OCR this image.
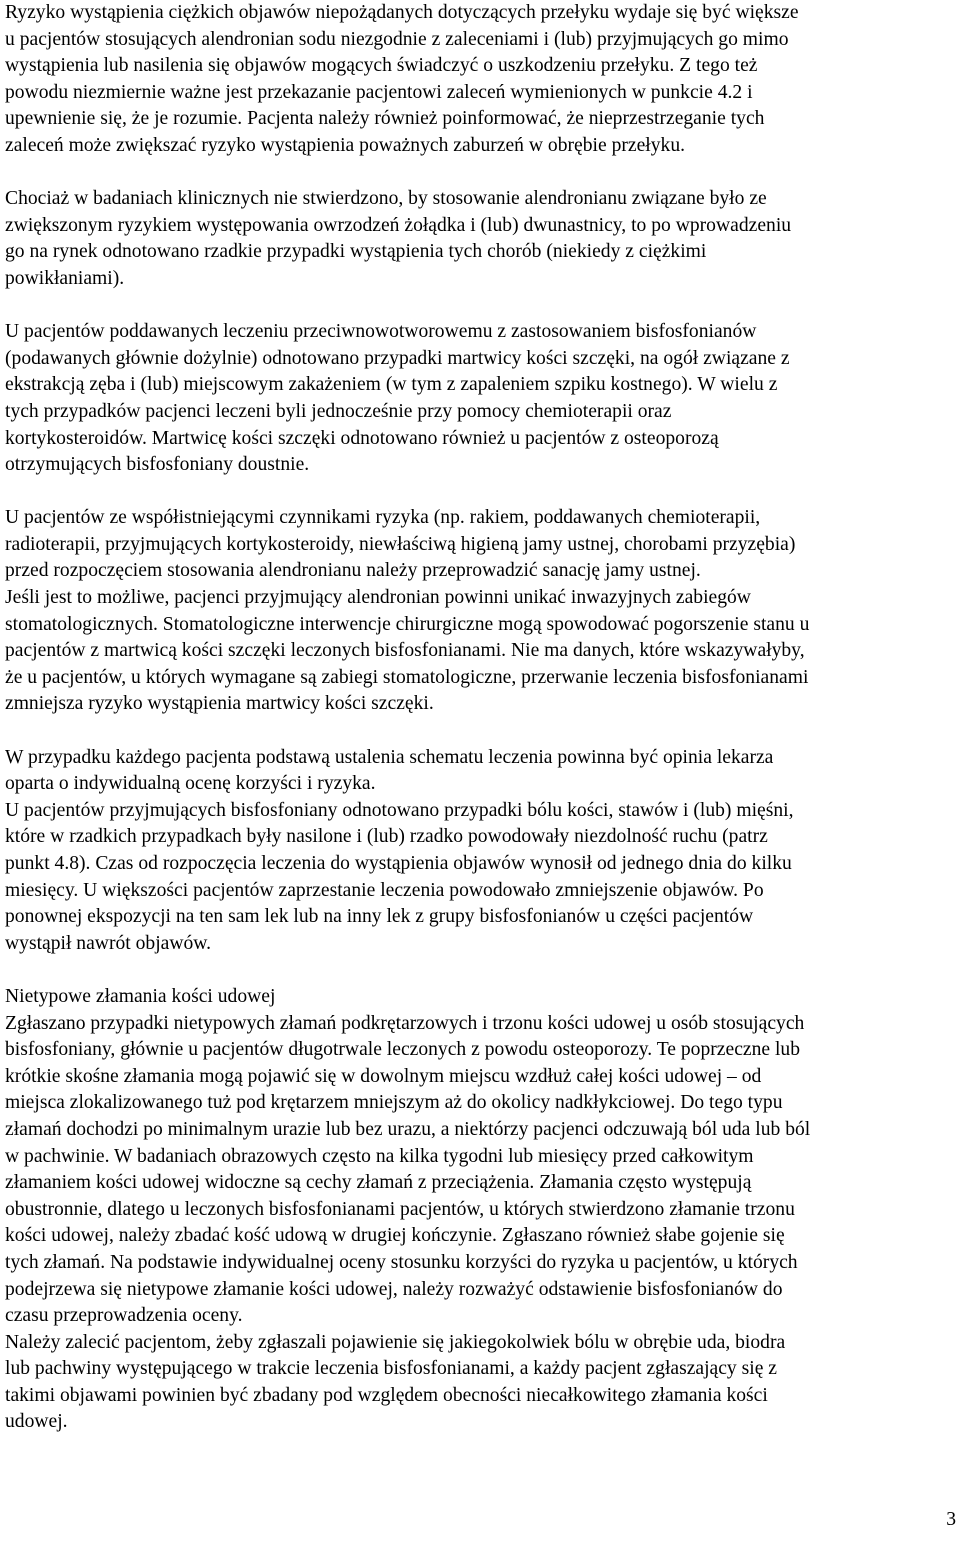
Ryzyko wystąpienia ciężkich objawów niepożądanych dotyczących przełyku wydaje się być większe
u pacjentów stosujących alendronian sodu niezgodnie z zaleceniami i (lub) przyjmujących go mimo
wystąpienia lub nasilenia się objawów mogących świadczyć o uszkodzeniu przełyku. Z tego też
powodu niezmiernie ważne jest przekazanie pacjentowi zaleceń wymienionych w punkcie 4.2 i
upewnienie się, że je rozumie. Pacjenta należy również poinformować, że nieprzestrzeganie tych
zaleceń może zwiększać ryzyko wystąpienia poważnych zaburzeń w obrębie przełyku.

Chociaż w badaniach klinicznych nie stwierdzono, by stosowanie alendronianu związane było ze
zwiększonym ryzykiem występowania owrzodzeń żołądka i (lub) dwunastnicy, to po wprowadzeniu
go na rynek odnotowano rzadkie przypadki wystąpienia tych chorób (niekiedy z ciężkimi
powikłaniami).

U pacjentów poddawanych leczeniu przeciwnowotworowemu z zastosowaniem bisfosfonianów
(podawanych głównie dożylnie) odnotowano przypadki martwicy kości szczęki, na ogół związane z
ekstrakcją zęba i (lub) miejscowym zakażeniem (w tym z zapaleniem szpiku kostnego). W wielu z
tych przypadków pacjenci leczeni byli jednocześnie przy pomocy chemioterapii oraz
kortykosteroidów. Martwicę kości szczęki odnotowano również u pacjentów z osteoporozą
otrzymujących bisfosfoniany doustnie.

U pacjentów ze współistniejącymi czynnikami ryzyka (np. rakiem, poddawanych chemioterapii,
radioterapii, przyjmujących kortykosteroidy, niewłaściwą higieną jamy ustnej, chorobami przyzębia)
przed rozpoczęciem stosowania alendronianu należy przeprowadzić sanację jamy ustnej.
Jeśli jest to możliwe, pacjenci przyjmujący alendronian powinni unikać inwazyjnych zabiegów
stomatologicznych. Stomatologiczne interwencje chirurgiczne mogą spowodować pogorszenie stanu u
pacjentów z martwicą kości szczęki leczonych bisfosfonianami. Nie ma danych, które wskazywałyby,
że u pacjentów, u których wymagane są zabiegi stomatologiczne, przerwanie leczenia bisfosfonianami
zmniejsza ryzyko wystąpienia martwicy kości szczęki.

W przypadku każdego pacjenta podstawą ustalenia schematu leczenia powinna być opinia lekarza
oparta o indywidualną ocenę korzyści i ryzyka.
U pacjentów przyjmujących bisfosfoniany odnotowano przypadki bólu kości, stawów i (lub) mięśni,
które w rzadkich przypadkach były nasilone i (lub) rzadko powodowały niezdolność ruchu (patrz
punkt 4.8). Czas od rozpoczęcia leczenia do wystąpienia objawów wynosił od jednego dnia do kilku
miesięcy. U większości pacjentów zaprzestanie leczenia powodowało zmniejszenie objawów. Po
ponownej ekspozycji na ten sam lek lub na inny lek z grupy bisfosfonianów u części pacjentów
wystąpił nawrót objawów.

Nietypowe złamania kości udowej
Zgłaszano przypadki nietypowych złamań podkrętarzowych i trzonu kości udowej u osób stosujących
bisfosfoniany, głównie u pacjentów długotrwale leczonych z powodu osteoporozy. Te poprzeczne lub
krótkie skośne złamania mogą pojawić się w dowolnym miejscu wzdłuż całej kości udowej – od
miejsca zlokalizowanego tuż pod krętarzem mniejszym aż do okolicy nadkłykciowej. Do tego typu
złamań dochodzi po minimalnym urazie lub bez urazu, a niektórzy pacjenci odczuwają ból uda lub ból
w pachwinie. W badaniach obrazowych często na kilka tygodni lub miesięcy przed całkowitym
złamaniem kości udowej widoczne są cechy złamań z przeciążenia. Złamania często występują
obustronnie, dlatego u leczonych bisfosfonianami pacjentów, u których stwierdzono złamanie trzonu
kości udowej, należy zbadać kość udową w drugiej kończynie. Zgłaszano również słabe gojenie się
tych złamań. Na podstawie indywidualnej oceny stosunku korzyści do ryzyka u pacjentów, u których
podejrzewa się nietypowe złamanie kości udowej, należy rozważyć odstawienie bisfosfonianów do
czasu przeprowadzenia oceny.
Należy zalecić pacjentom, żeby zgłaszali pojawienie się jakiegokolwiek bólu w obrębie uda, biodra
lub pachwiny występującego w trakcie leczenia bisfosfonianami, a każdy pacjent zgłaszający się z
takimi objawami powinien być zbadany pod względem obecności niecałkowitego złamania kości
udowej.

3
